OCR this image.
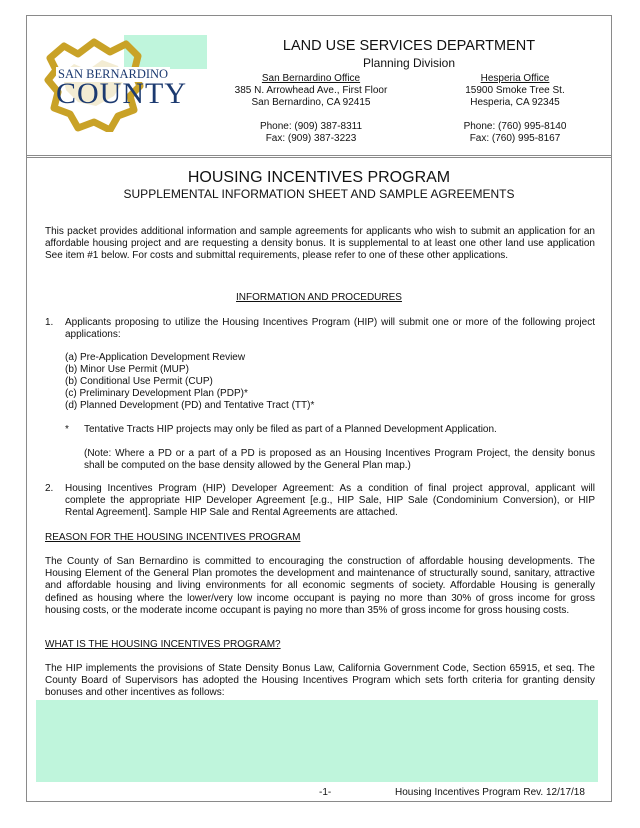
SAN BERNARDINO
COUNTY
LAND USE SERVICES DEPARTMENT
Planning Division
San Bernardino Office
385 N. Arrowhead Ave., First Floor
San Bernardino, CA 92415
Phone: (909) 387-8311
Fax: (909) 387-3223
Hesperia Office
15900 Smoke Tree St.
Hesperia, CA 92345
Phone: (760) 995-8140
Fax: (760) 995-8167
HOUSING INCENTIVES PROGRAM
SUPPLEMENTAL INFORMATION SHEET AND SAMPLE AGREEMENTS
This packet provides additional information and sample agreements for applicants who wish to submit an application for an affordable housing project and are requesting a density bonus. It is supplemental to at least one other land use application See item #1 below. For costs and submittal requirements, please refer to one of these other applications.
INFORMATION AND PROCEDURES
1. Applicants proposing to utilize the Housing Incentives Program (HIP) will submit one or more of the following project applications:
(a) Pre-Application Development Review
(b) Minor Use Permit (MUP)
(b) Conditional Use Permit (CUP)
(c) Preliminary Development Plan (PDP)*
(d) Planned Development (PD) and Tentative Tract (TT)*
* Tentative Tracts HIP projects may only be filed as part of a Planned Development Application.
(Note: Where a PD or a part of a PD is proposed as an Housing Incentives Program Project, the density bonus shall be computed on the base density allowed by the General Plan map.)
2. Housing Incentives Program (HIP) Developer Agreement: As a condition of final project approval, applicant will complete the appropriate HIP Developer Agreement [e.g., HIP Sale, HIP Sale (Condominium Conversion), or HIP Rental Agreement]. Sample HIP Sale and Rental Agreements are attached.
REASON FOR THE HOUSING INCENTIVES PROGRAM
The County of San Bernardino is committed to encouraging the construction of affordable housing developments. The Housing Element of the General Plan promotes the development and maintenance of structurally sound, sanitary, attractive and affordable housing and living environments for all economic segments of society. Affordable Housing is generally defined as housing where the lower/very low income occupant is paying no more than 30% of gross income for gross housing costs, or the moderate income occupant is paying no more than 35% of gross income for gross housing costs.
WHAT IS THE HOUSING INCENTIVES PROGRAM?
The HIP implements the provisions of State Density Bonus Law, California Government Code, Section 65915, et seq. The County Board of Supervisors has adopted the Housing Incentives Program which sets forth criteria for granting density bonuses and other incentives as follows:
-1-	Housing Incentives Program Rev. 12/17/18
